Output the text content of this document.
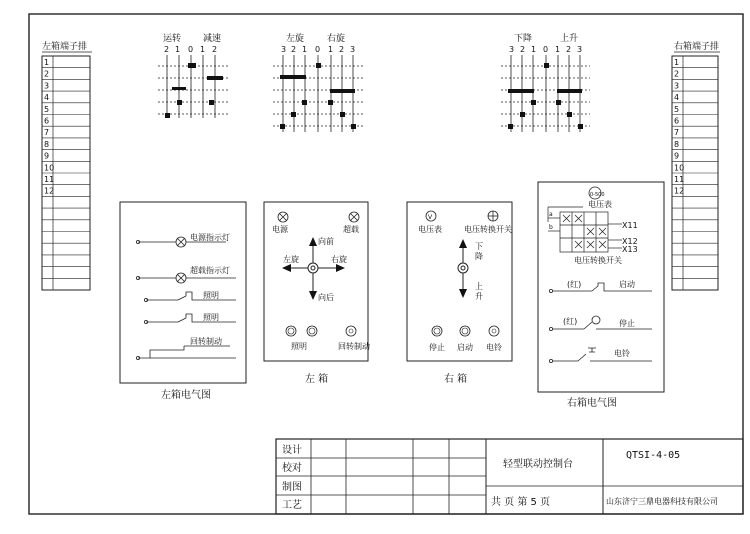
左箱端子排
1
2
3
4
5
6
7
8
9
10
11
12
右箱端子排
1
2
3
4
5
6
7
8
9
10
11
12
运转 减速
2 1 0 1 2
左旋	右旋
3 2 1 0 1 2 3
下降	上升
3 2 1 0 1 2 3
电源指示灯
超载指示灯
照明
照明
回转制动
左箱电气图
电源	超载
向前
向后
左旋	右旋
照明	回转制动
左 箱
V
电压表	电压转换开关
下
降
上
升
停止 启动 电铃
右 箱
0-500
电压表
a
b	X11
X12
X13
电压转换开关
(红)	启动
(红)	停止
电铃
右箱电气图
设计
校对
制图
工艺
轻型联动控制台
QTSI-4-05
共 页 第 5 页	山东济宁三鼎电器科技有限公司
